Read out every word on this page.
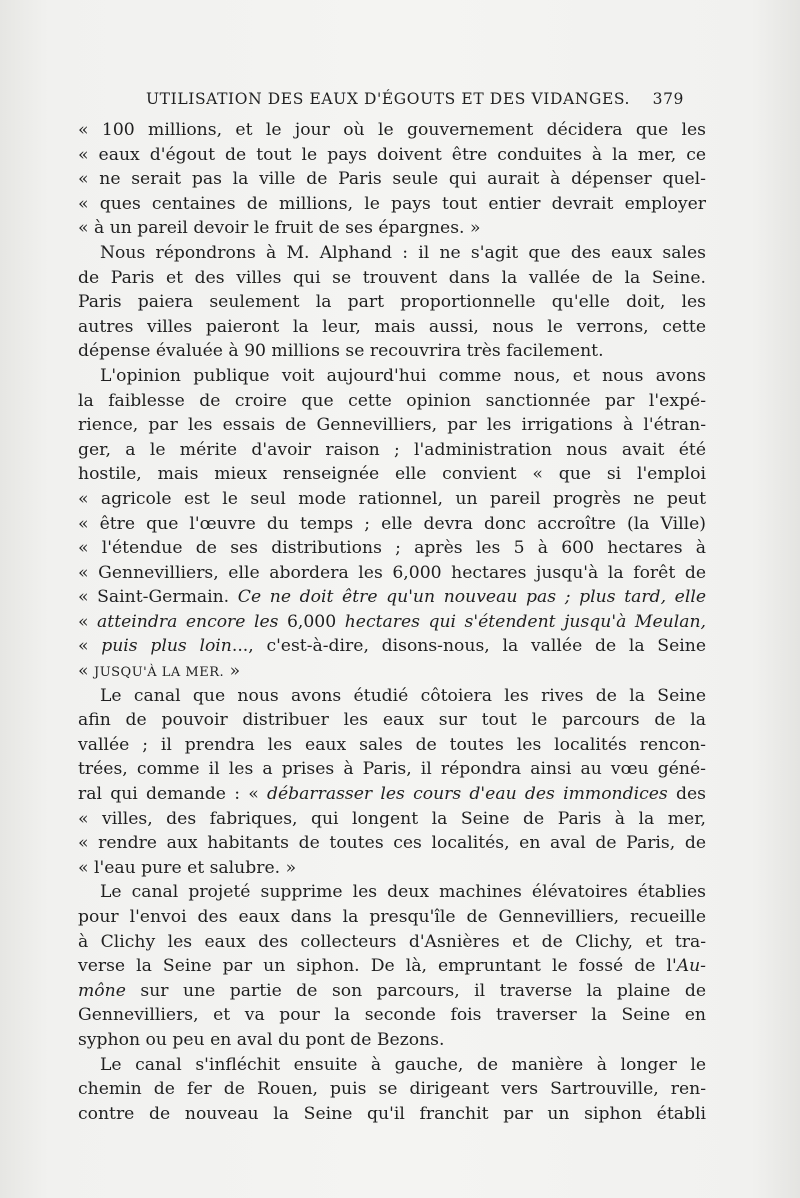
UTILISATION DES EAUX D'ÉGOUTS ET DES VIDANGES. 379
« 100 millions, et le jour où le gouvernement décidera que les
« eaux d'égout de tout le pays doivent être conduites à la mer, ce
« ne serait pas la ville de Paris seule qui aurait à dépenser quel-
« ques centaines de millions, le pays tout entier devrait employer
« à un pareil devoir le fruit de ses épargnes. »
Nous répondrons à M. Alphand : il ne s'agit que des eaux sales
de Paris et des villes qui se trouvent dans la vallée de la Seine.
Paris paiera seulement la part proportionnelle qu'elle doit, les
autres villes paieront la leur, mais aussi, nous le verrons, cette
dépense évaluée à 90 millions se recouvrira très facilement.
L'opinion publique voit aujourd'hui comme nous, et nous avons
la faiblesse de croire que cette opinion sanctionnée par l'expé-
rience, par les essais de Gennevilliers, par les irrigations à l'étran-
ger, a le mérite d'avoir raison ; l'administration nous avait été
hostile, mais mieux renseignée elle convient « que si l'emploi
« agricole est le seul mode rationnel, un pareil progrès ne peut
« être que l'œuvre du temps ; elle devra donc accroître (la Ville)
« l'étendue de ses distributions ; après les 5 à 600 hectares à
« Gennevilliers, elle abordera les 6,000 hectares jusqu'à la forêt de
« Saint-Germain. Ce ne doit être qu'un nouveau pas ; plus tard, elle
« atteindra encore les 6,000 hectares qui s'étendent jusqu'à Meulan,
« puis plus loin..., c'est-à-dire, disons-nous, la vallée de la Seine
« JUSQU'À LA MER. »
Le canal que nous avons étudié côtoiera les rives de la Seine
afin de pouvoir distribuer les eaux sur tout le parcours de la
vallée ; il prendra les eaux sales de toutes les localités rencon-
trées, comme il les a prises à Paris, il répondra ainsi au vœu géné-
ral qui demande : « débarrasser les cours d'eau des immondices des
« villes, des fabriques, qui longent la Seine de Paris à la mer,
« rendre aux habitants de toutes ces localités, en aval de Paris, de
« l'eau pure et salubre. »
Le canal projeté supprime les deux machines élévatoires établies
pour l'envoi des eaux dans la presqu'île de Gennevilliers, recueille
à Clichy les eaux des collecteurs d'Asnières et de Clichy, et tra-
verse la Seine par un siphon. De là, empruntant le fossé de l'Au-
mône sur une partie de son parcours, il traverse la plaine de
Gennevilliers, et va pour la seconde fois traverser la Seine en
syphon ou peu en aval du pont de Bezons.
Le canal s'infléchit ensuite à gauche, de manière à longer le
chemin de fer de Rouen, puis se dirigeant vers Sartrouville, ren-
contre de nouveau la Seine qu'il franchit par un siphon établi
